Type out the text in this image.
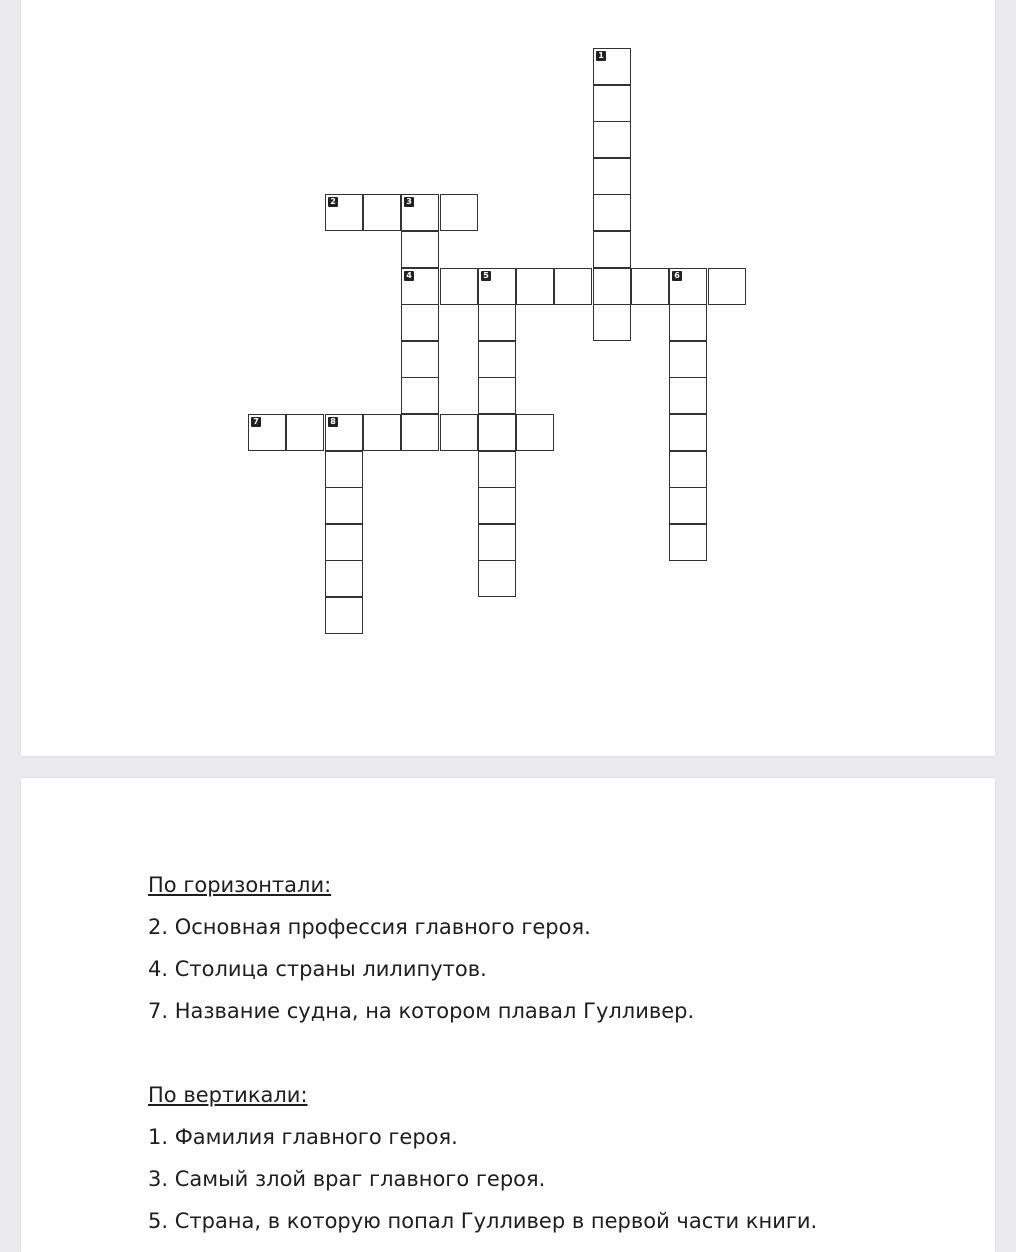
1
2	3
4	5	6
7	8
По горизонтали:
2. Основная профессия главного героя.
4. Столица страны лилипутов.
7. Название судна, на котором плавал Гулливер.
По вертикали:
1. Фамилия главного героя.
3. Самый злой враг главного героя.
5. Страна, в которую попал Гулливер в первой части книги.
